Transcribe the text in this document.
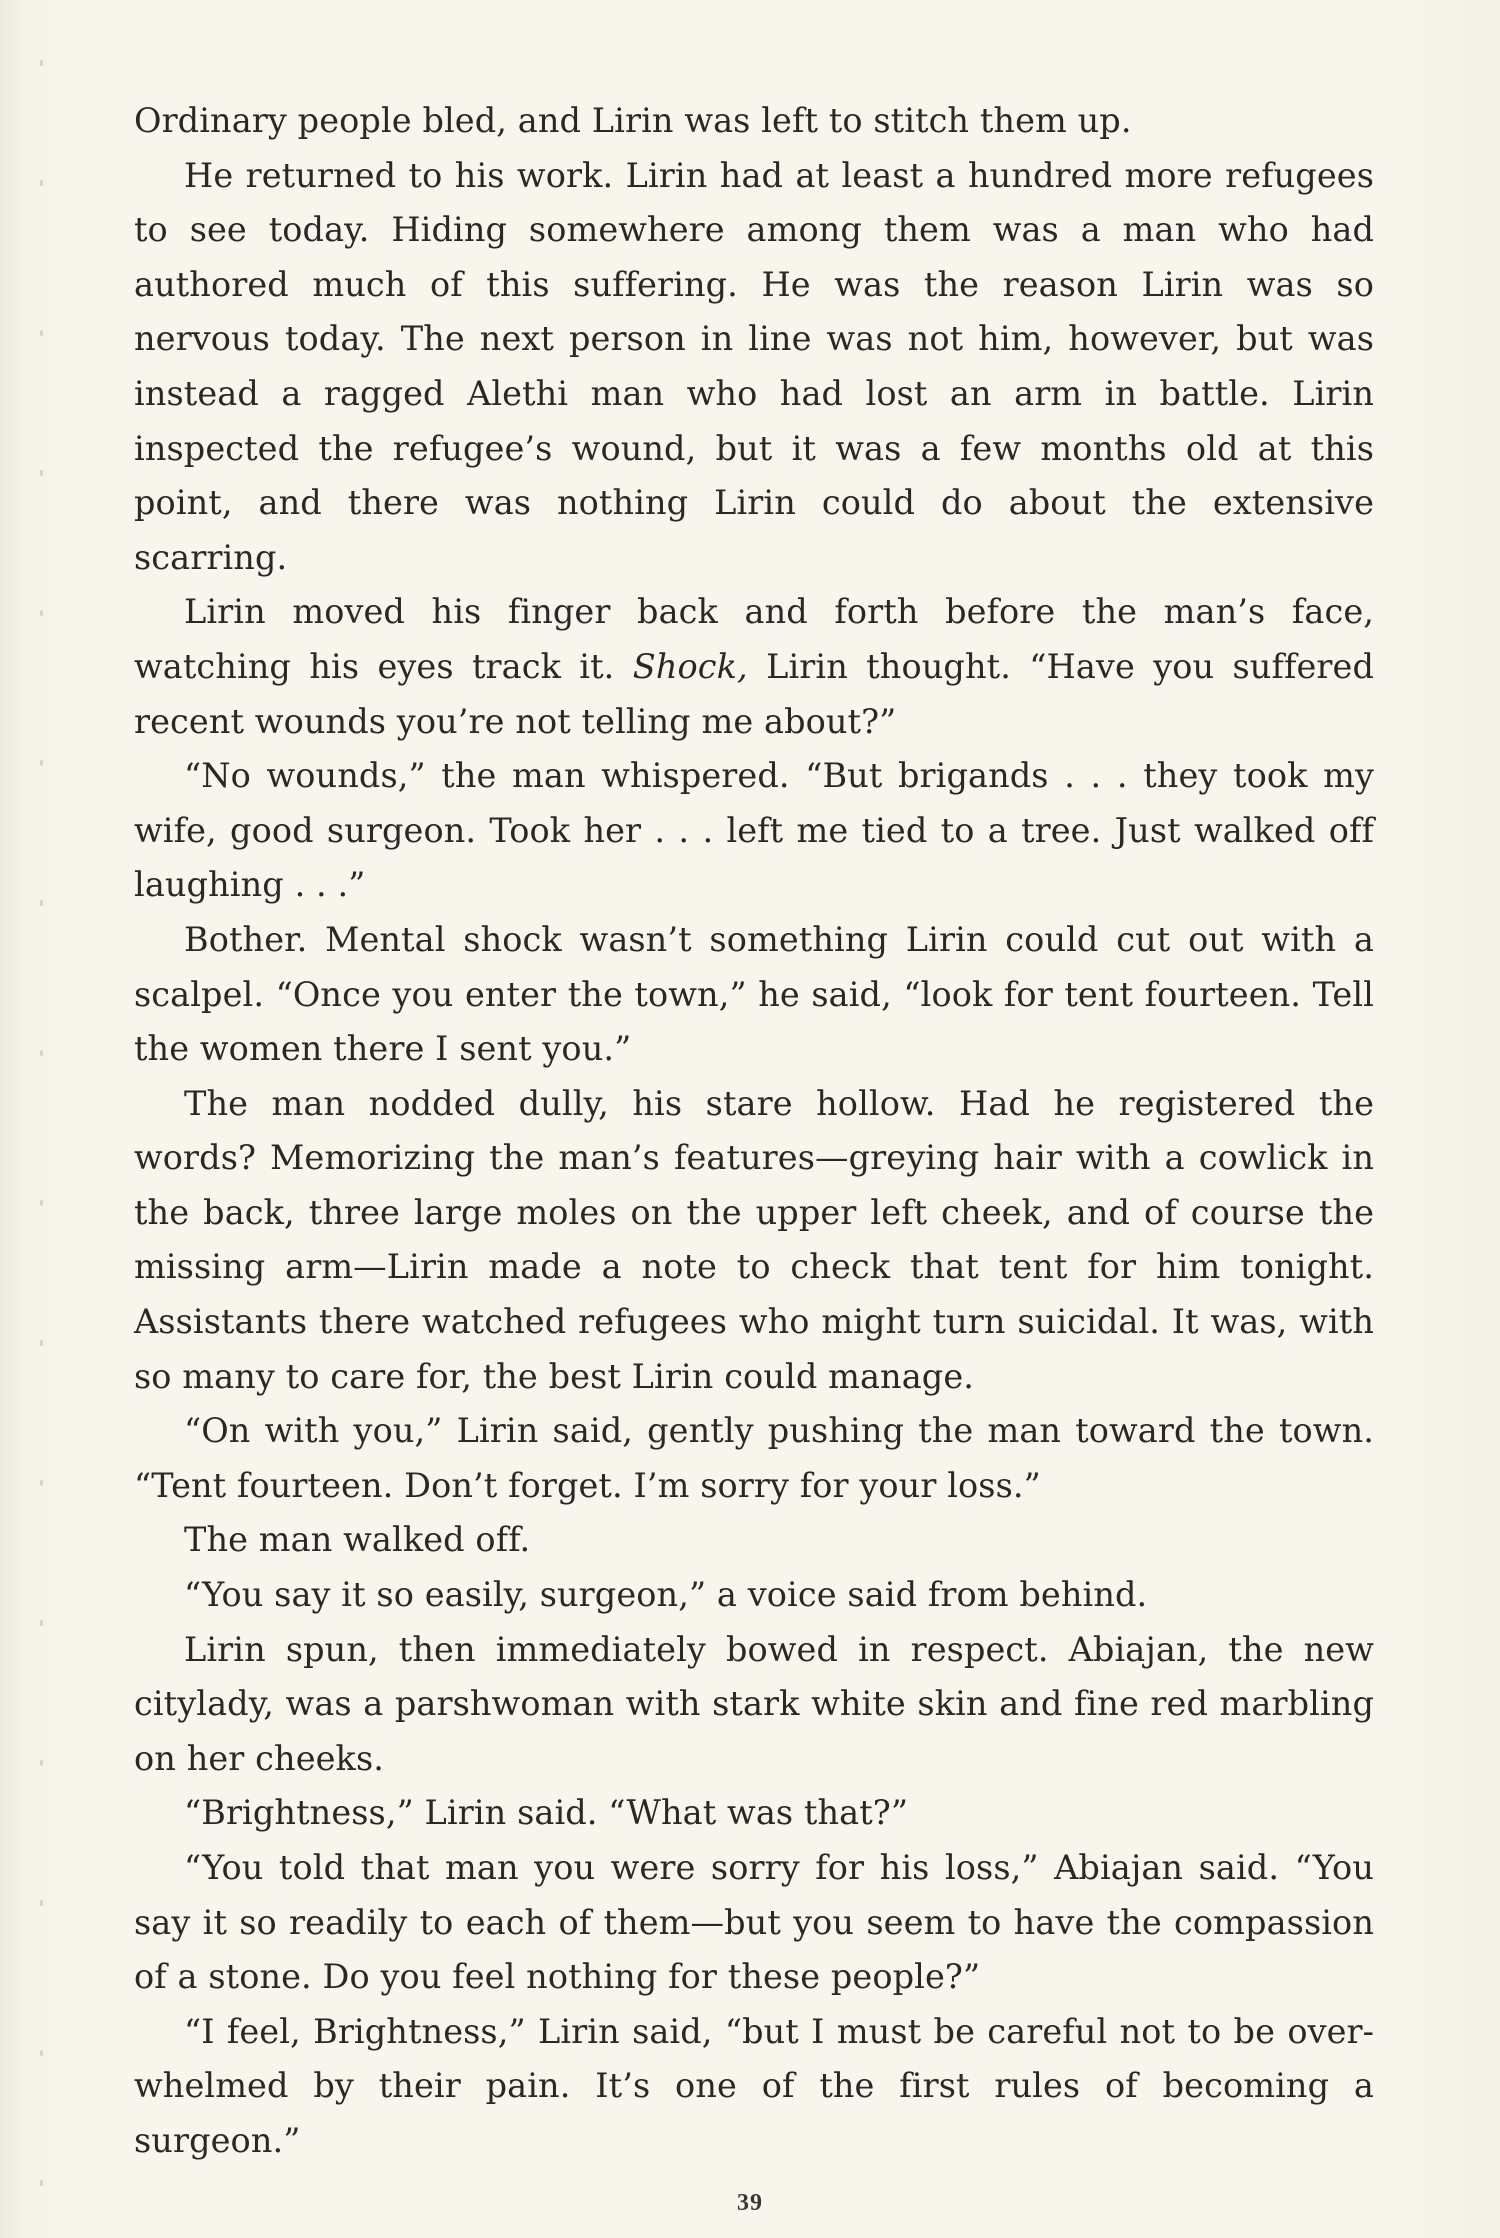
Ordinary people bled, and Lirin was left to stitch them up.

He returned to his work. Lirin had at least a hundred more refugees to see today. Hiding somewhere among them was a man who had authored much of this suffering. He was the reason Lirin was so nervous today. The next person in line was not him, however, but was instead a ragged Alethi man who had lost an arm in battle. Lirin inspected the refugee’s wound, but it was a few months old at this point, and there was nothing Lirin could do about the extensive scarring.

Lirin moved his finger back and forth before the man’s face, watching his eyes track it. Shock, Lirin thought. “Have you suffered recent wounds you’re not telling me about?”

“No wounds,” the man whispered. “But brigands . . . they took my wife, good surgeon. Took her . . . left me tied to a tree. Just walked off laughing . . .”

Bother. Mental shock wasn’t something Lirin could cut out with a scalpel. “Once you enter the town,” he said, “look for tent fourteen. Tell the women there I sent you.”

The man nodded dully, his stare hollow. Had he registered the words? Memorizing the man’s features—greying hair with a cowlick in the back, three large moles on the upper left cheek, and of course the missing arm—Lirin made a note to check that tent for him tonight. Assistants there watched refugees who might turn suicidal. It was, with so many to care for, the best Lirin could manage.

“On with you,” Lirin said, gently pushing the man toward the town. “Tent fourteen. Don’t forget. I’m sorry for your loss.”

The man walked off.

“You say it so easily, surgeon,” a voice said from behind.

Lirin spun, then immediately bowed in respect. Abiajan, the new citylady, was a parshwoman with stark white skin and fine red marbling on her cheeks.

“Brightness,” Lirin said. “What was that?”

“You told that man you were sorry for his loss,” Abiajan said. “You say it so readily to each of them—but you seem to have the compassion of a stone. Do you feel nothing for these people?”

“I feel, Brightness,” Lirin said, “but I must be careful not to be overwhelmed by their pain. It’s one of the first rules of becoming a surgeon.”

39
